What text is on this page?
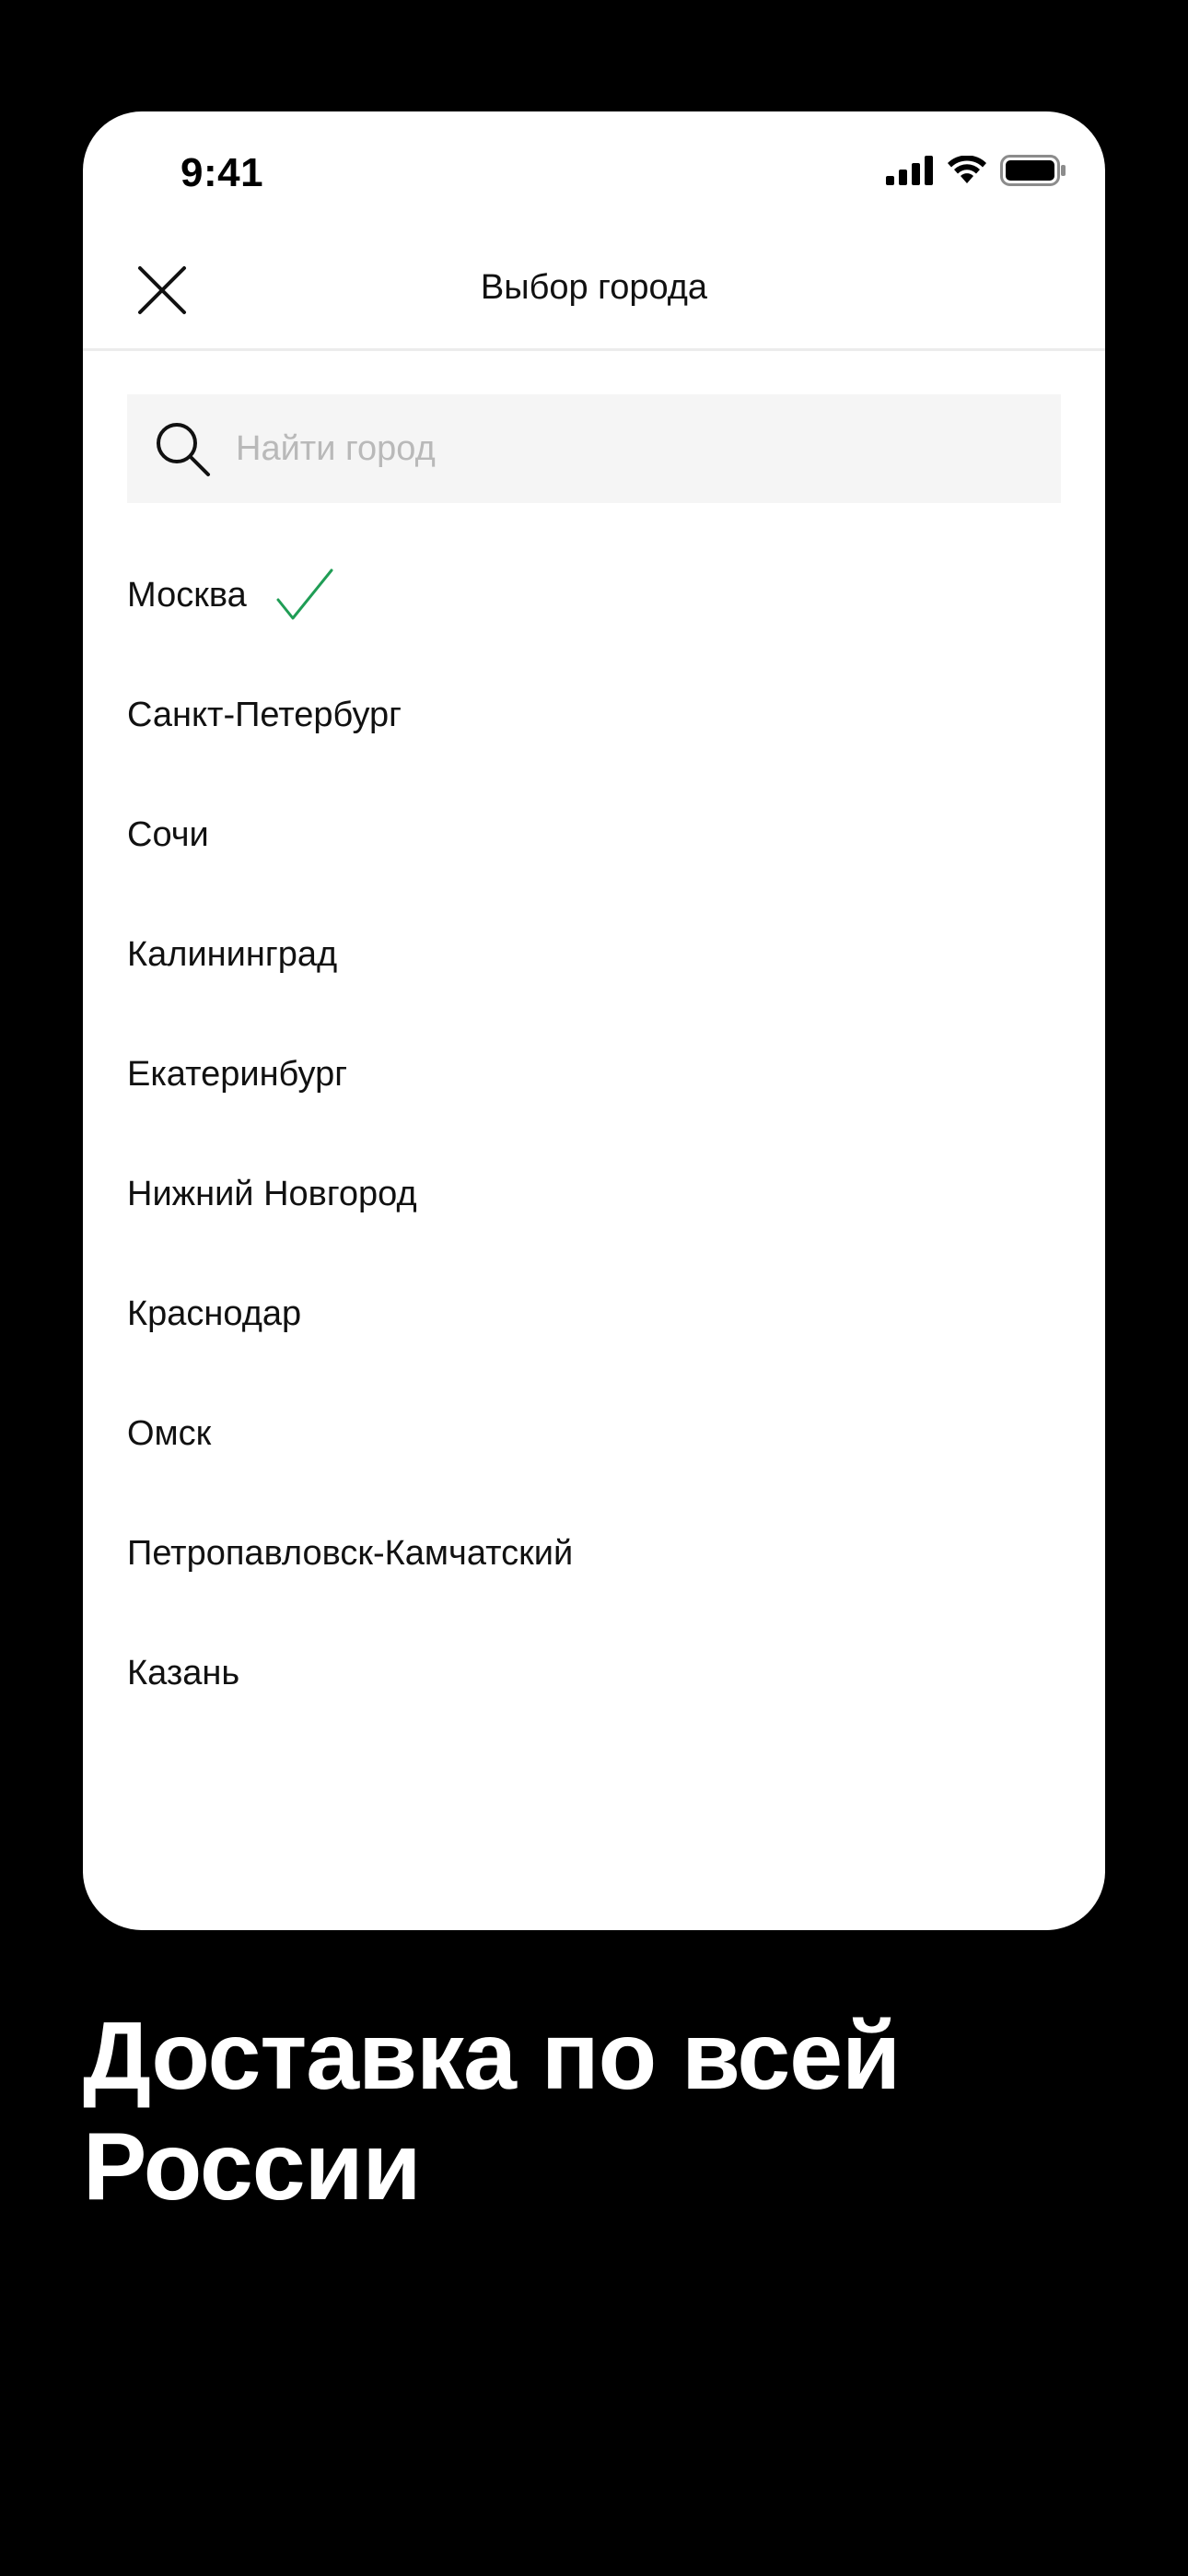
9:41
Выбор города
Найти город
Москва
Санкт-Петербург
Сочи
Калининград
Екатеринбург
Нижний Новгород
Краснодар
Омск
Петропавловск-Камчатский
Казань

Доставка по всей
России
